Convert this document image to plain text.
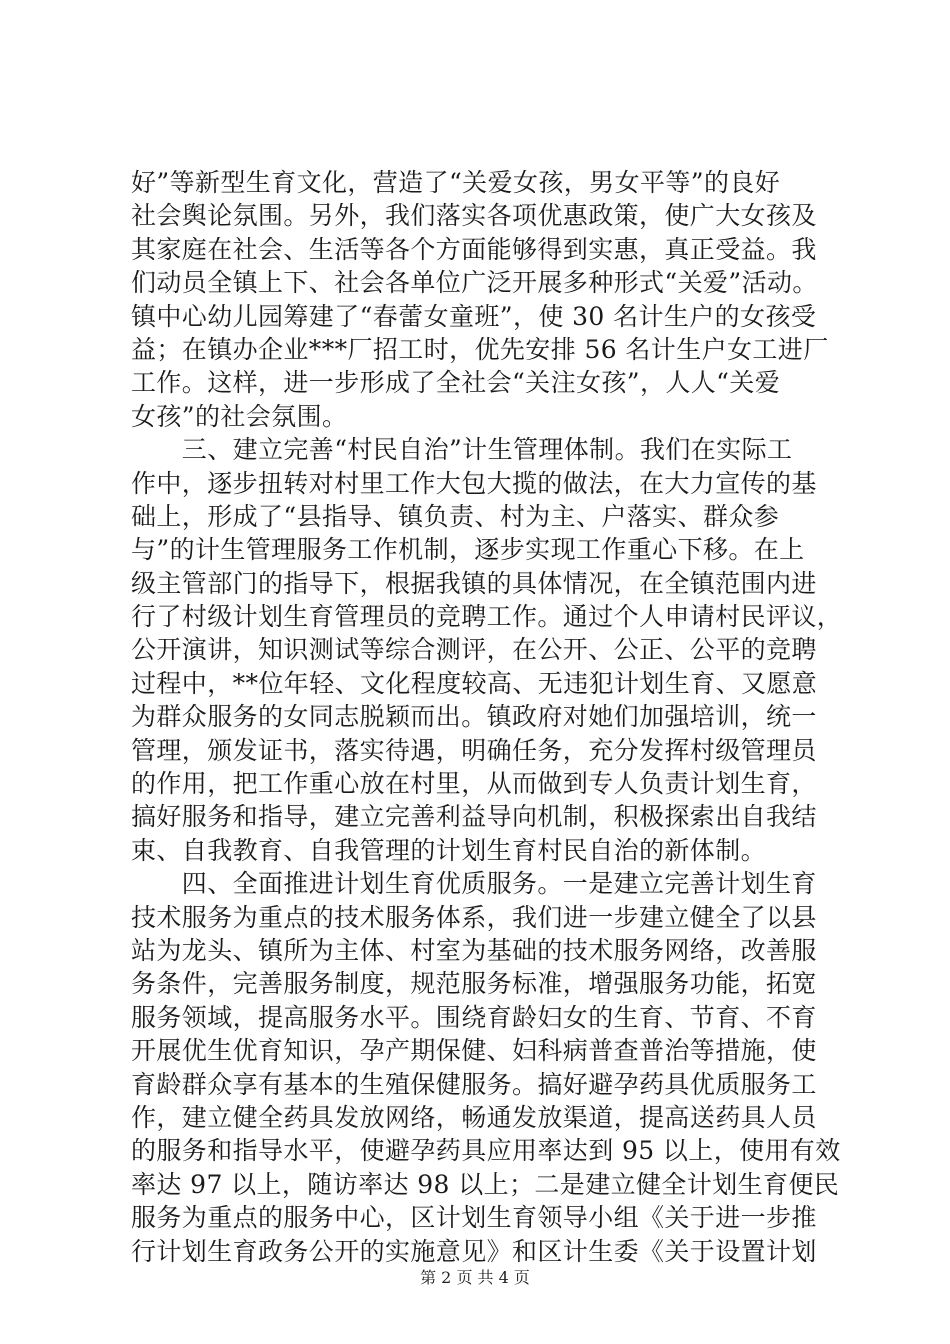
好”等新型生育文化，营造了“关爱女孩，男女平等”的良好
社会舆论氛围。另外，我们落实各项优惠政策，使广大女孩及
其家庭在社会、生活等各个方面能够得到实惠，真正受益。我
们动员全镇上下、社会各单位广泛开展多种形式“关爱”活动。
镇中心幼儿园筹建了“春蕾女童班”，使 30 名计生户的女孩受
益；在镇办企业***厂招工时，优先安排 56 名计生户女工进厂
工作。这样，进一步形成了全社会“关注女孩”，人人“关爱
女孩”的社会氛围。
　　三、建立完善“村民自治”计生管理体制。我们在实际工
作中，逐步扭转对村里工作大包大揽的做法，在大力宣传的基
础上，形成了“县指导、镇负责、村为主、户落实、群众参
与”的计生管理服务工作机制，逐步实现工作重心下移。在上
级主管部门的指导下，根据我镇的具体情况，在全镇范围内进
行了村级计划生育管理员的竞聘工作。通过个人申请村民评议，
公开演讲，知识测试等综合测评，在公开、公正、公平的竞聘
过程中，**位年轻、文化程度较高、无违犯计划生育、又愿意
为群众服务的女同志脱颖而出。镇政府对她们加强培训，统一
管理，颁发证书，落实待遇，明确任务，充分发挥村级管理员
的作用，把工作重心放在村里，从而做到专人负责计划生育，
搞好服务和指导，建立完善利益导向机制，积极探索出自我结
束、自我教育、自我管理的计划生育村民自治的新体制。
　　四、全面推进计划生育优质服务。一是建立完善计划生育
技术服务为重点的技术服务体系，我们进一步建立健全了以县
站为龙头、镇所为主体、村室为基础的技术服务网络，改善服
务条件，完善服务制度，规范服务标准，增强服务功能，拓宽
服务领域，提高服务水平。围绕育龄妇女的生育、节育、不育
开展优生优育知识，孕产期保健、妇科病普查普治等措施，使
育龄群众享有基本的生殖保健服务。搞好避孕药具优质服务工
作，建立健全药具发放网络，畅通发放渠道，提高送药具人员
的服务和指导水平，使避孕药具应用率达到 95 以上，使用有效
率达 97 以上，随访率达 98 以上；二是建立健全计划生育便民
服务为重点的服务中心，区计划生育领导小组《关于进一步推
行计划生育政务公开的实施意见》和区计生委《关于设置计划
第 2 页 共 4 页
